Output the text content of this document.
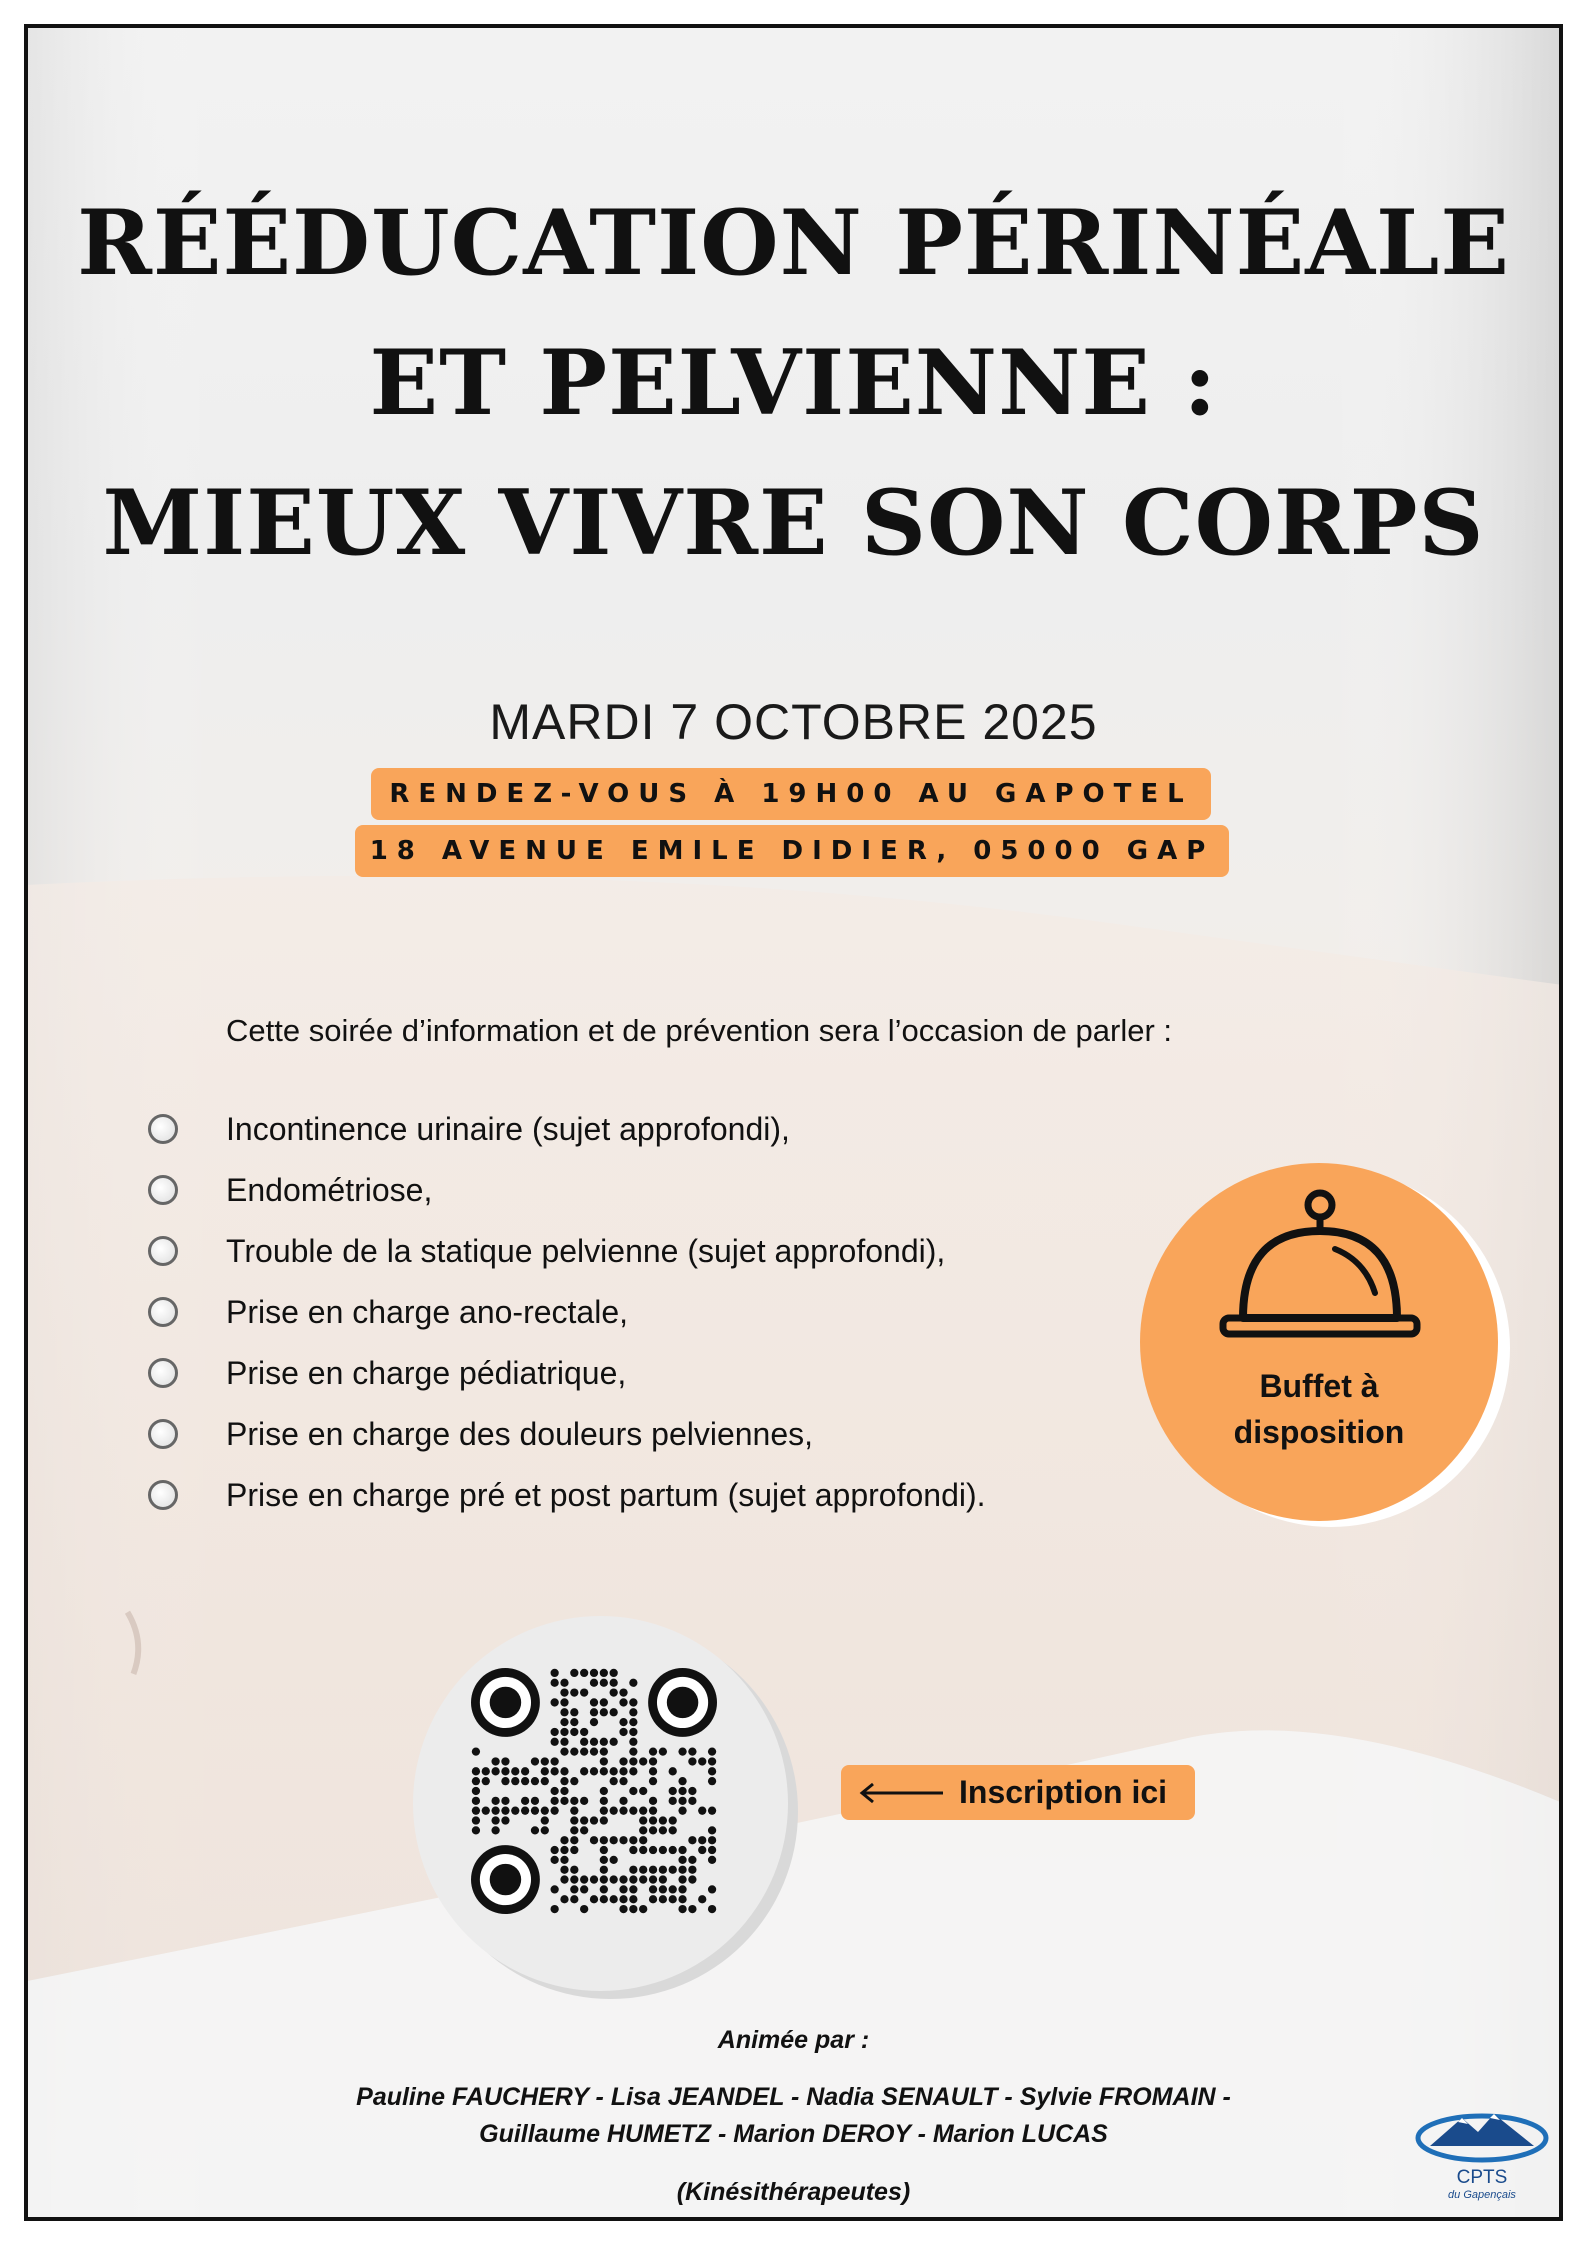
RÉÉDUCATION PÉRINÉALE
ET PELVIENNE :
MIEUX VIVRE SON CORPS
MARDI 7 OCTOBRE 2025
RENDEZ-VOUS À 19H00 AU GAPOTEL
18 AVENUE EMILE DIDIER, 05000 GAP
Cette soirée d’information et de prévention sera l’occasion de parler :
Incontinence urinaire (sujet approfondi),
Endométriose,
Trouble de la statique pelvienne (sujet approfondi),
Prise en charge ano-rectale,
Prise en charge pédiatrique,
Prise en charge des douleurs pelviennes,
Prise en charge pré et post partum (sujet approfondi).
Buffet à
disposition
Inscription ici
Animée par :
Pauline FAUCHERY - Lisa JEANDEL - Nadia SENAULT - Sylvie FROMAIN -
Guillaume HUMETZ - Marion DEROY - Marion LUCAS
(Kinésithérapeutes)
CPTS
du Gapençais
